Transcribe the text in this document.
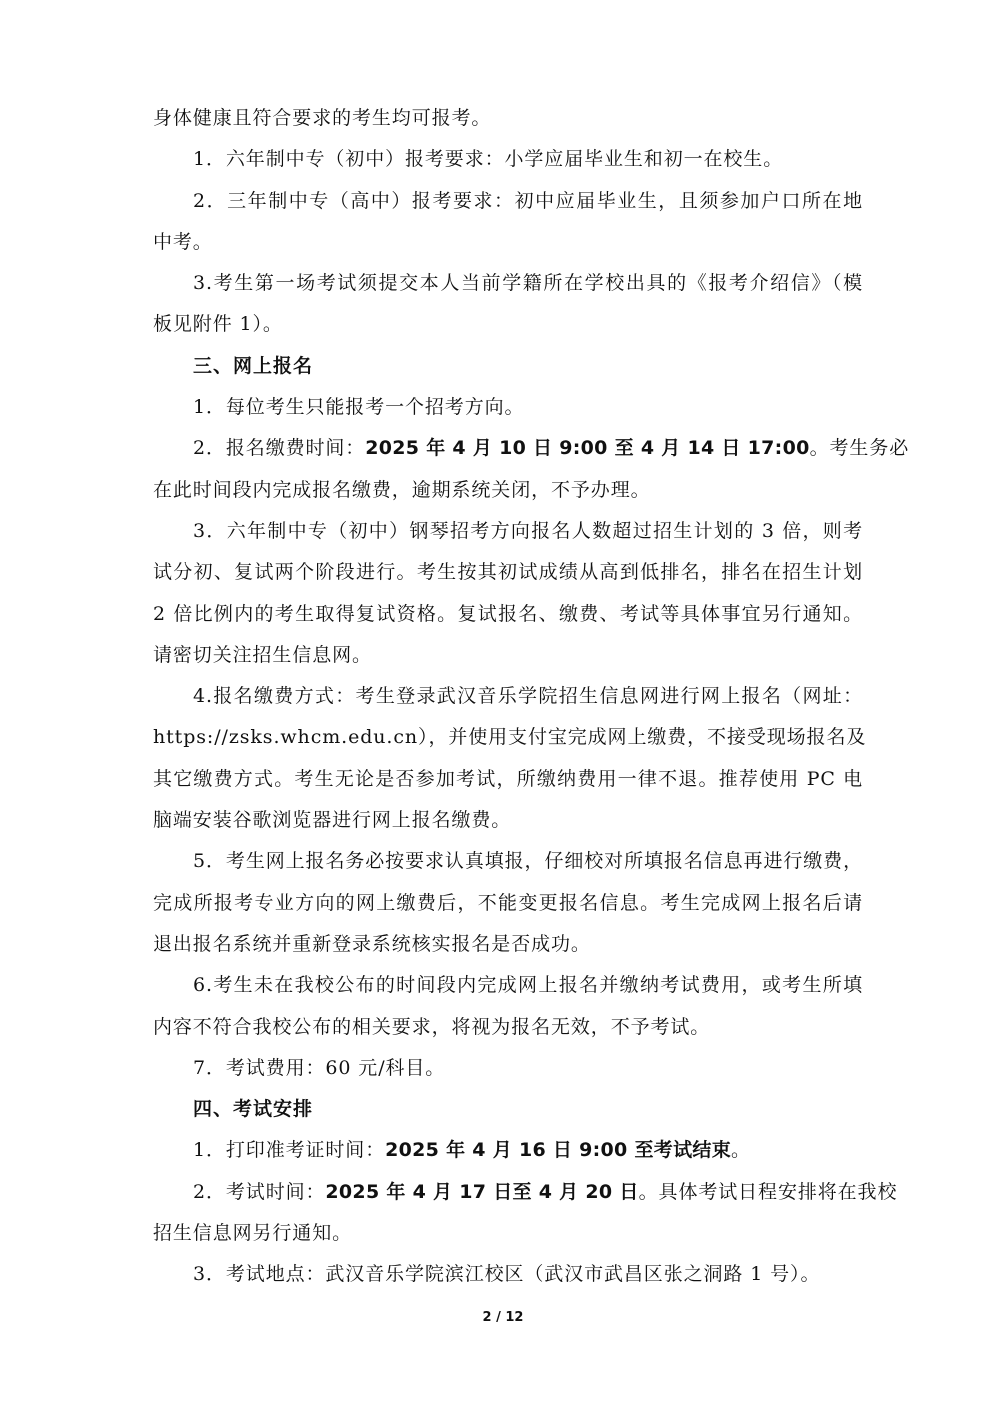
身体健康且符合要求的考生均可报考。
1．六年制中专（初中）报考要求：小学应届毕业生和初一在校生。
2．三年制中专（高中）报考要求：初中应届毕业生，且须参加户口所在地
中考。
3.考生第一场考试须提交本人当前学籍所在学校出具的《报考介绍信》（模
板见附件 1）。
三、网上报名
1．每位考生只能报考一个招考方向。
2．报名缴费时间：2025 年 4 月 10 日 9:00 至 4 月 14 日 17:00。考生务必
在此时间段内完成报名缴费，逾期系统关闭，不予办理。
3．六年制中专（初中）钢琴招考方向报名人数超过招生计划的 3 倍，则考
试分初、复试两个阶段进行。考生按其初试成绩从高到低排名，排名在招生计划
2 倍比例内的考生取得复试资格。复试报名、缴费、考试等具体事宜另行通知。
请密切关注招生信息网。
4.报名缴费方式：考生登录武汉音乐学院招生信息网进行网上报名（网址：
https://zsks.whcm.edu.cn），并使用支付宝完成网上缴费，不接受现场报名及
其它缴费方式。考生无论是否参加考试，所缴纳费用一律不退。推荐使用 PC 电
脑端安装谷歌浏览器进行网上报名缴费。
5．考生网上报名务必按要求认真填报，仔细校对所填报名信息再进行缴费，
完成所报考专业方向的网上缴费后，不能变更报名信息。考生完成网上报名后请
退出报名系统并重新登录系统核实报名是否成功。
6.考生未在我校公布的时间段内完成网上报名并缴纳考试费用，或考生所填
内容不符合我校公布的相关要求，将视为报名无效，不予考试。
7．考试费用：60 元/科目。
四、考试安排
1．打印准考证时间：2025 年 4 月 16 日 9:00 至考试结束。
2．考试时间：2025 年 4 月 17 日至 4 月 20 日。具体考试日程安排将在我校
招生信息网另行通知。
3．考试地点：武汉音乐学院滨江校区（武汉市武昌区张之洞路 1 号）。
2 / 12
